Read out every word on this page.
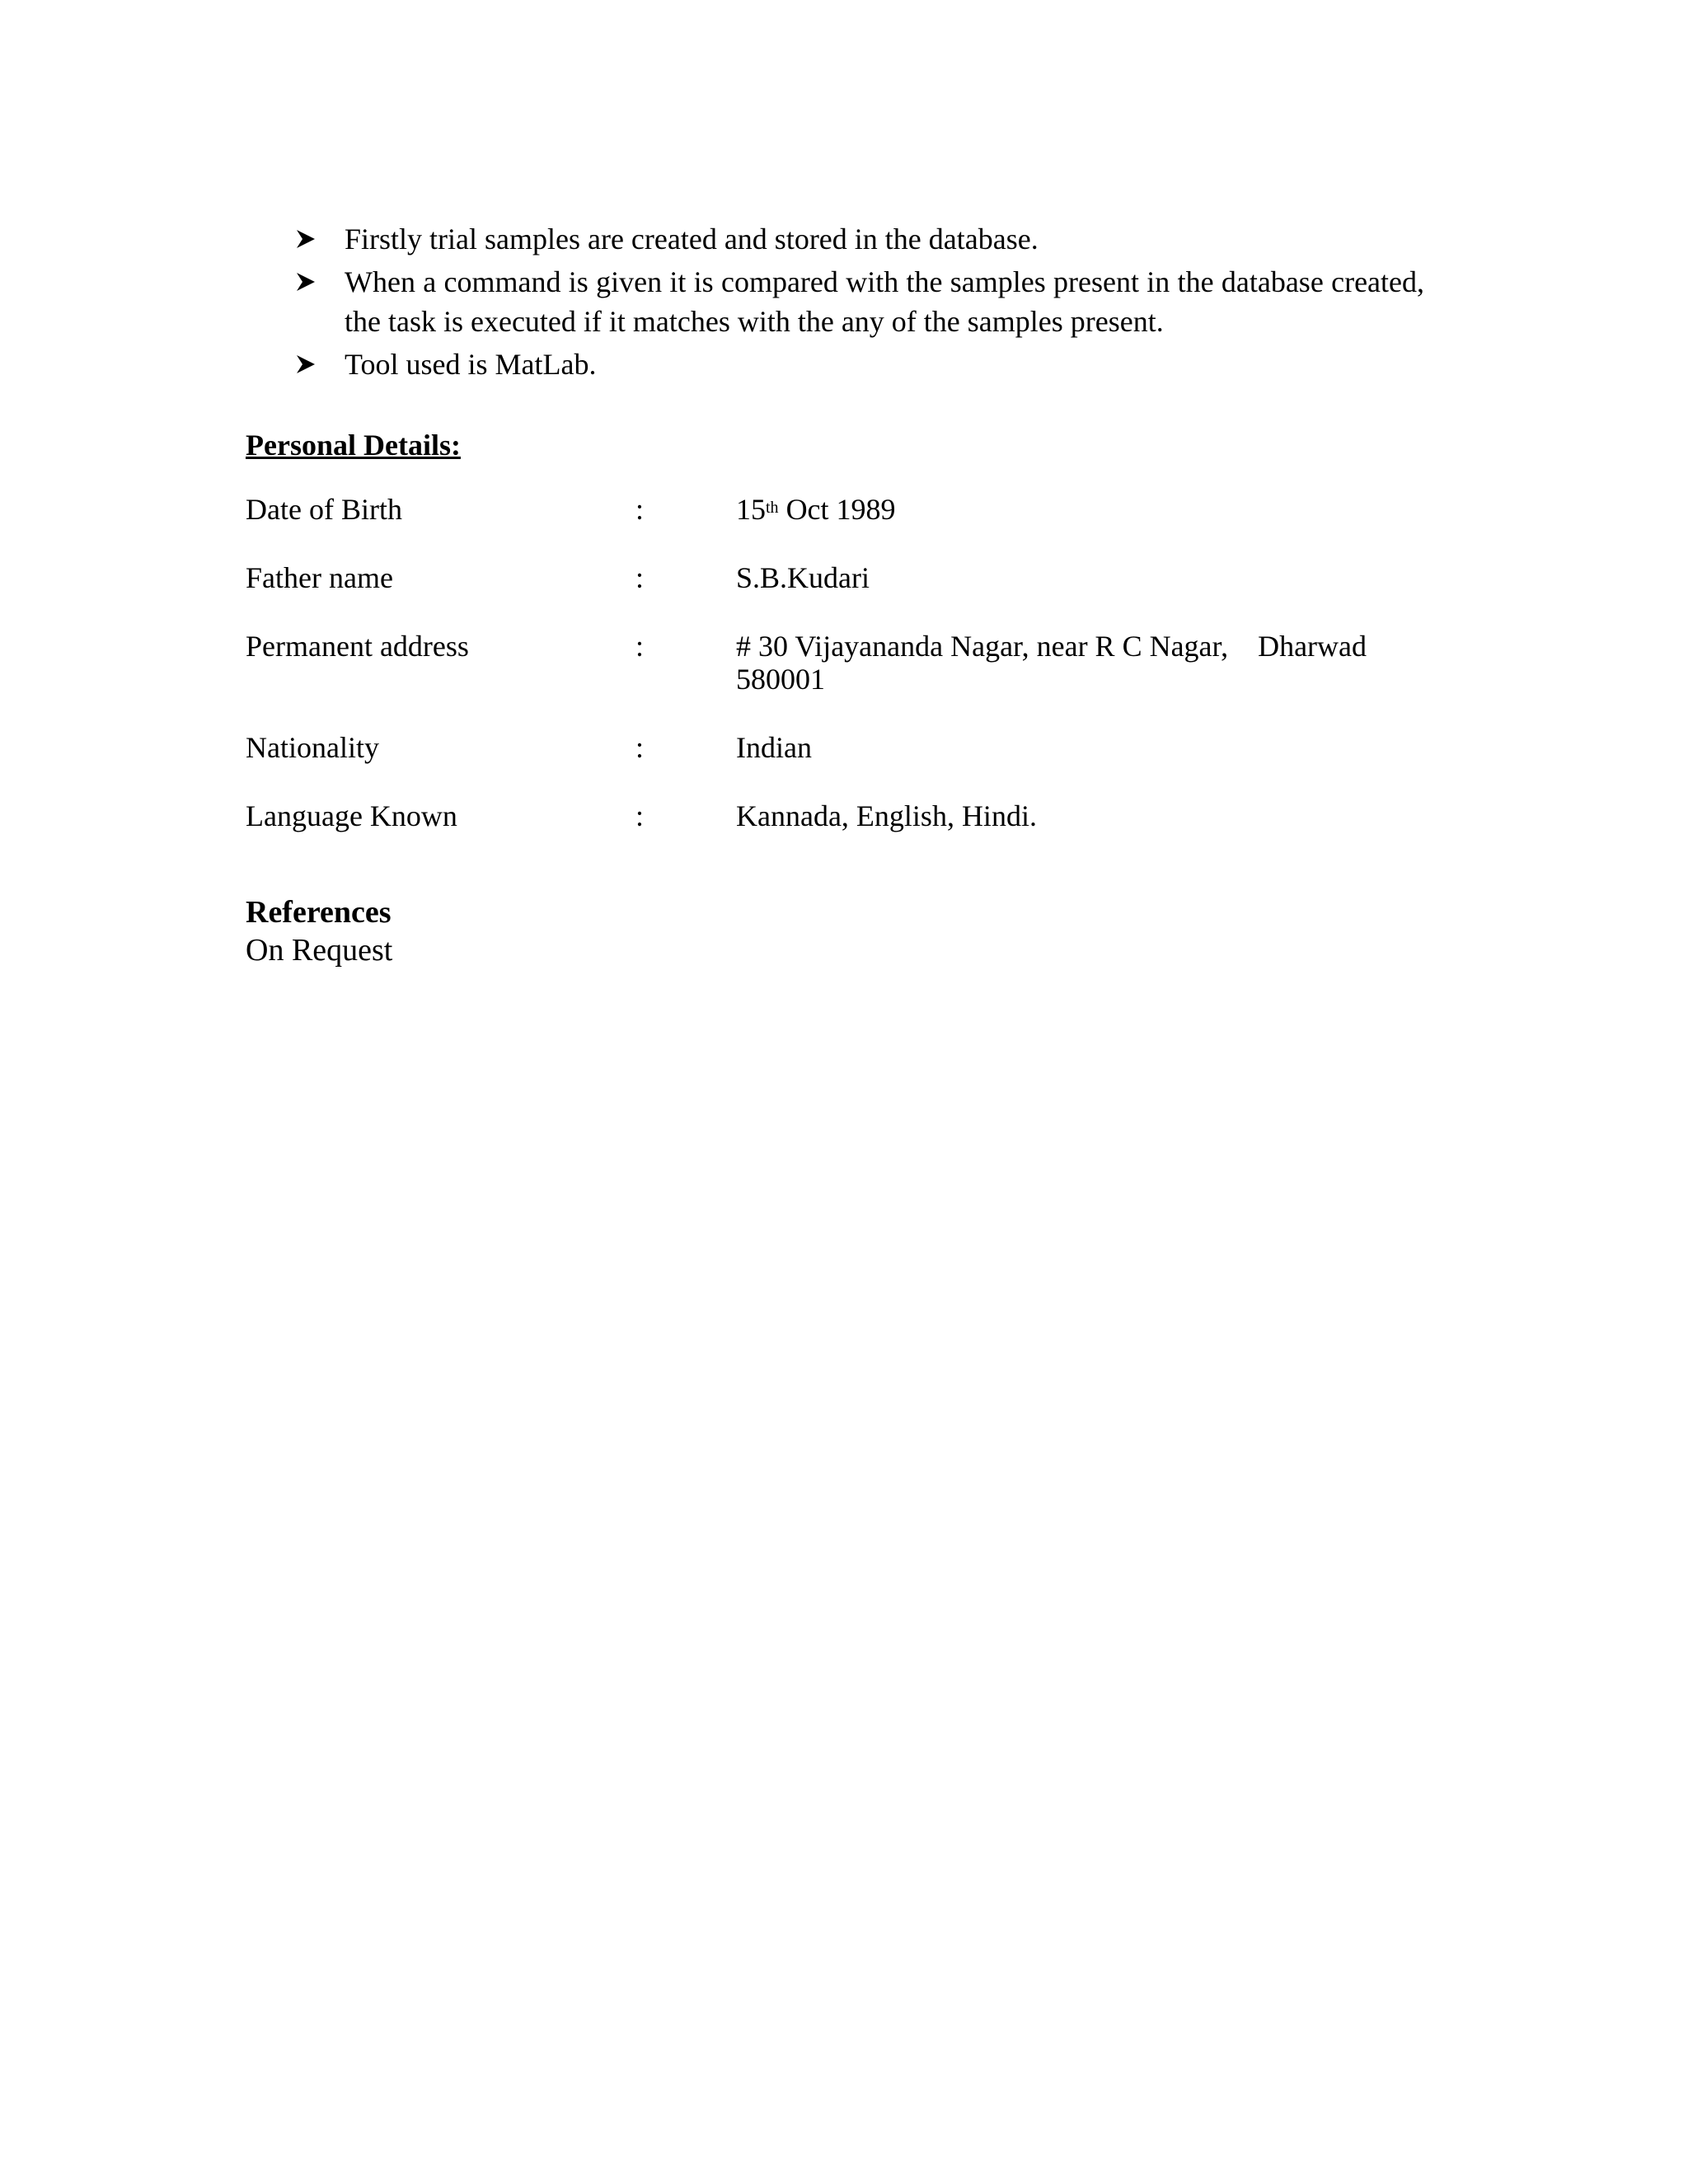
Firstly trial samples are created and stored in the database.
When a command is given it is compared with the samples present in the database created, the task is executed if it matches with the any of the samples present.
Tool used is MatLab.
Personal Details:
Date of Birth	:	15th Oct 1989
Father name	:	S.B.Kudari
Permanent address	:	# 30 Vijayananda Nagar, near R C Nagar,    Dharwad
580001
Nationality	:	Indian
Language Known	:	Kannada, English, Hindi.
References
On Request
